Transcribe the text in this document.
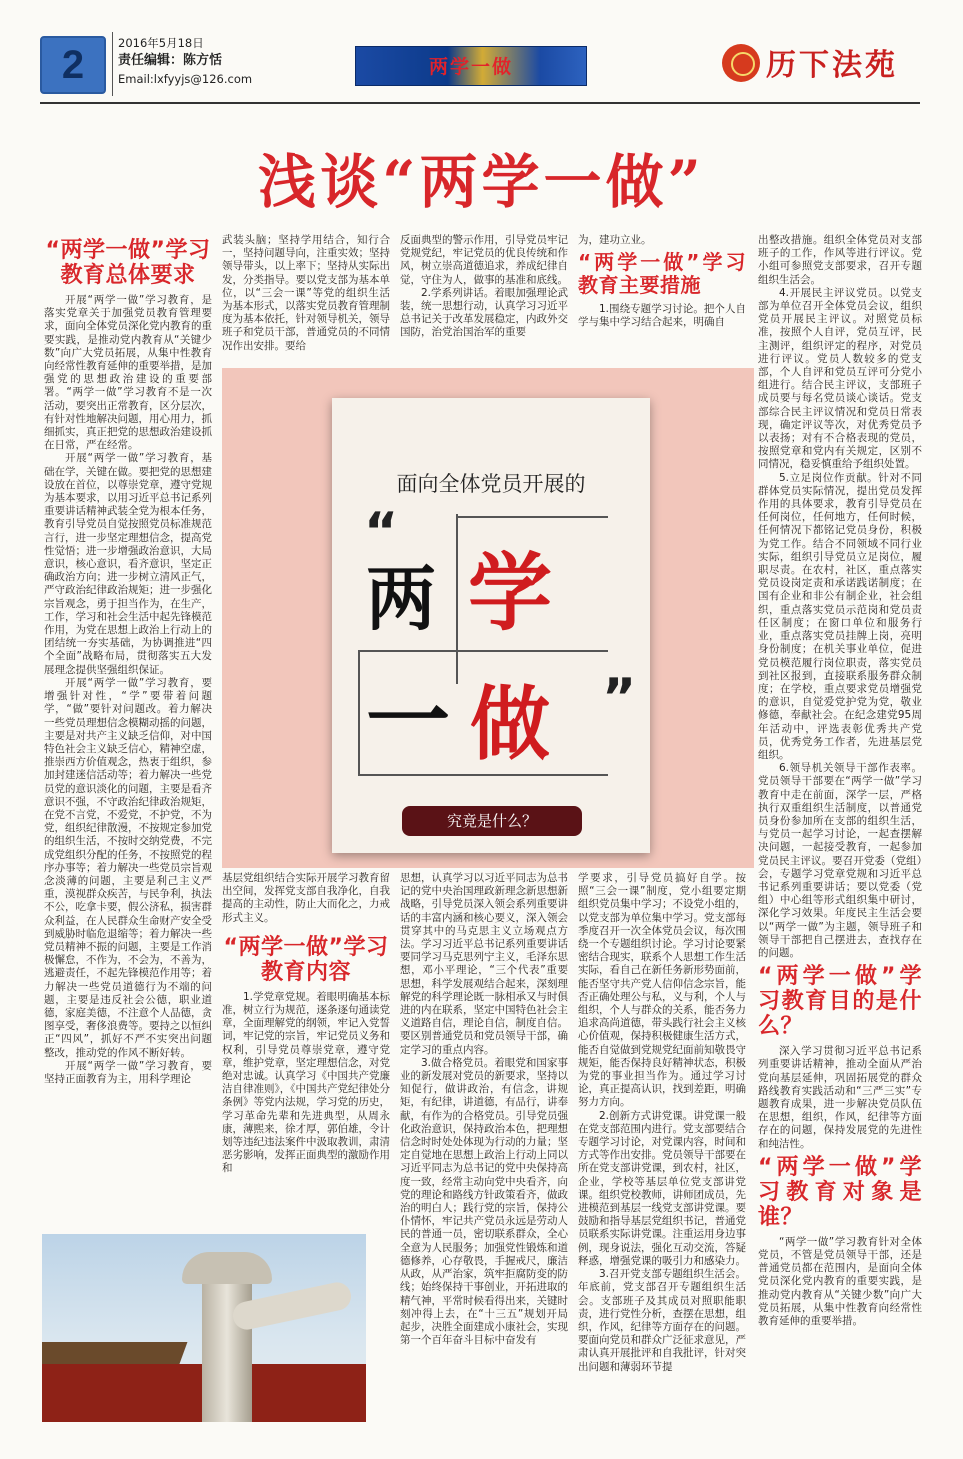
2	2016年5月18日
责任编辑：陈方恬
Email:lxfyyjs@126.com
两学一做	历下法苑
浅谈“两学一做”
“两学一做”学习教育总体要求

开展“两学一做”学习教育，是落实党章关于加强党员教育管理要求，面向全体党员深化党内教育的重要实践，是推动党内教育从“关键少数”向广大党员拓展，从集中性教育向经常性教育延伸的重要举措，是加强党的思想政治建设的重要部署。“两学一做”学习教育不是一次活动，要突出正常教育，区分层次，有针对性地解决问题，用心用力，抓细抓实，真正把党的思想政治建设抓在日常，严在经常。

开展“两学一做”学习教育，基础在学，关键在做。要把党的思想建设放在首位，以尊崇党章，遵守党规为基本要求，以用习近平总书记系列重要讲话精神武装全党为根本任务，教育引导党员自觉按照党员标准规范言行，进一步坚定理想信念，提高党性觉悟；进一步增强政治意识，大局意识，核心意识，看齐意识，坚定正确政治方向；进一步树立清风正气，严守政治纪律政治规矩；进一步强化宗旨观念，勇于担当作为，在生产，工作，学习和社会生活中起先锋模范作用，为党在思想上政治上行动上的团结统一夯实基础，为协调推进“四个全面”战略布局，贯彻落实五大发展理念提供坚强组织保证。

开展“两学一做”学习教育，要增强针对性，“学”要带着问题学，“做”要针对问题改。着力解决一些党员理想信念模糊动摇的问题，主要是对共产主义缺乏信仰，对中国特色社会主义缺乏信心，精神空虚，推崇西方价值观念，热衷于组织，参加封建迷信活动等；着力解决一些党员党的意识淡化的问题，主要是看齐意识不强，不守政治纪律政治规矩，在党不言党，不爱党，不护党，不为党，组织纪律散漫，不按规定参加党的组织生活，不按时交纳党费，不完成党组织分配的任务，不按照党的程序办事等；着力解决一些党员宗旨观念淡薄的问题，主要是利己主义严重，漠视群众疾苦，与民争利，执法不公，吃拿卡要，假公济私，损害群众利益，在人民群众生命财产安全受到威胁时临危退缩等；着力解决一些党员精神不振的问题，主要是工作消极懈怠，不作为，不会为，不善为，逃避责任，不起先锋模范作用等；着力解决一些党员道德行为不端的问题，主要是违反社会公德，职业道德，家庭美德，不注意个人品德，贪图享受，奢侈浪费等。要持之以恒纠正“四风”，抓好不严不实突出问题整改，推动党的作风不断好转。

开展“两学一做”学习教育，要坚持正面教育为主，用科学理论

武装头脑；坚持学用结合，知行合一，坚持问题导向，注重实效；坚持领导带头，以上率下；坚持从实际出发，分类指导。要以党支部为基本单位，以“三会一课”等党的组织生活为基本形式，以落实党员教育管理制度为基本依托，针对领导机关，领导班子和党员干部，普通党员的不同情况作出安排。要给

反面典型的警示作用，引导党员牢记党规党纪，牢记党员的优良传统和作风，树立崇高道德追求，养成纪律自觉，守住为人，做事的基准和底线。

2.学系列讲话。着眼加强理论武装，统一思想行动，认真学习习近平总书记关于改革发展稳定，内政外交国防，治党治国治军的重要

为，建功立业。

“两学一做”学习教育主要措施

1.围绕专题学习讨论。把个人自学与集中学习结合起来，明确自

面向全体党员开展的
“
两 学
一 做 ”
究竟是什么？

基层党组织结合实际开展学习教育留出空间，发挥党支部自我净化，自我提高的主动性，防止大而化之，力戒形式主义。

“两学一做”学习教育内容

1.学党章党规。着眼明确基本标准，树立行为规范，逐条逐句通读党章，全面理解党的纲领，牢记入党誓词，牢记党的宗旨，牢记党员义务和权利，引导党员尊崇党章，遵守党章，维护党章，坚定理想信念，对党绝对忠诚。认真学习《中国共产党廉洁自律准则》，《中国共产党纪律处分条例》等党内法规，学习党的历史，学习革命先辈和先进典型，从周永康，薄熙来，徐才厚，郭伯雄，令计划等违纪违法案件中汲取教训，肃清恶劣影响，发挥正面典型的激励作用和

思想，认真学习以习近平同志为总书记的党中央治国理政新理念新思想新战略，引导党员深入领会系列重要讲话的丰富内涵和核心要义，深入领会贯穿其中的马克思主义立场观点方法。学习习近平总书记系列重要讲话要同学习马克思列宁主义，毛泽东思想，邓小平理论，“三个代表”重要思想，科学发展观结合起来，深刻理解党的科学理论既一脉相承又与时俱进的内在联系，坚定中国特色社会主义道路自信，理论自信，制度自信。要区别普通党员和党员领导干部，确定学习的重点内容。

3.做合格党员。着眼党和国家事业的新发展对党员的新要求，坚持以知促行，做讲政治，有信念，讲规矩，有纪律，讲道德，有品行，讲奉献，有作为的合格党员。引导党员强化政治意识，保持政治本色，把理想信念时时处处体现为行动的力量；坚定自觉地在思想上政治上行动上同以习近平同志为总书记的党中央保持高度一致，经常主动向党中央看齐，向党的理论和路线方针政策看齐，做政治的明白人；践行党的宗旨，保持公仆情怀，牢记共产党员永远是劳动人民的普通一员，密切联系群众，全心全意为人民服务；加强党性锻炼和道德修养，心存敬畏，手握戒尺，廉洁从政，从严治家，筑牢拒腐防变的防线；始终保持干事创业，开拓进取的精气神，平常时候看得出来，关键时刻冲得上去，在“十三五”规划开局起步，决胜全面建成小康社会，实现第一个百年奋斗目标中奋发有

学要求，引导党员搞好自学。按照“三会一课”制度，党小组要定期组织党员集中学习；不设党小组的，以党支部为单位集中学习。党支部每季度召开一次全体党员会议，每次围绕一个专题组织讨论。学习讨论要紧密结合现实，联系个人思想工作生活实际，看自己在新任务新形势面前，能否坚守共产党人信仰信念宗旨，能否正确处理公与私，义与利，个人与组织，个人与群众的关系，能否务力追求高尚道德，带头践行社会主义核心价值观，保持积极健康生活方式，能否自觉做到党规党纪面前知敬畏守规矩，能否保持良好精神状态，积极为党的事业担当作为。通过学习讨论，真正提高认识，找到差距，明确努力方向。

2.创新方式讲党课。讲党课一般在党支部范围内进行。党支部要结合专题学习讨论，对党课内容，时间和方式等作出安排。党员领导干部要在所在党支部讲党课，到农村，社区，企业，学校等基层单位党支部讲党课。组织党校教师，讲师团成员，先进模范到基层一线党支部讲党课。要鼓励和指导基层党组织书记，普通党员联系实际讲党课。注重运用身边事例，现身说法，强化互动交流，答疑释惑，增强党课的吸引力和感染力。

3.召开党支部专题组织生活会。年底前，党支部召开专题组织生活会。支部班子及其成员对照职能职责，进行党性分析，查摆在思想，组织，作风，纪律等方面存在的问题。要面向党员和群众广泛征求意见，严肃认真开展批评和自我批评，针对突出问题和薄弱环节提

出整改措施。组织全体党员对支部班子的工作，作风等进行评议。党小组可参照党支部要求，召开专题组织生活会。

4.开展民主评议党员。以党支部为单位召开全体党员会议，组织党员开展民主评议。对照党员标准，按照个人自评，党员互评，民主测评，组织评定的程序，对党员进行评议。党员人数较多的党支部，个人自评和党员互评可分党小组进行。结合民主评议，支部班子成员要与每名党员谈心谈话。党支部综合民主评议情况和党员日常表现，确定评议等次，对优秀党员予以表扬；对有不合格表现的党员，按照党章和党内有关规定，区别不同情况，稳妥慎重给予组织处置。

5.立足岗位作贡献。针对不同群体党员实际情况，提出党员发挥作用的具体要求，教育引导党员在任何岗位，任何地方，任何时候，任何情况下都铭记党员身份，积极为党工作。结合不同领域不同行业实际，组织引导党员立足岗位，履职尽责。在农村，社区，重点落实党员设岗定责和承诺践诺制度；在国有企业和非公有制企业，社会组织，重点落实党员示范岗和党员责任区制度；在窗口单位和服务行业，重点落实党员挂牌上岗，亮明身份制度；在机关事业单位，促进党员模范履行岗位职责，落实党员到社区报到，直接联系服务群众制度；在学校，重点要求党员增强党的意识，自觉爱党护党为党，敬业修德，奉献社会。在纪念建党95周年活动中，评选表彰优秀共产党员，优秀党务工作者，先进基层党组织。

6.领导机关领导干部作表率。党员领导干部要在“两学一做”学习教育中走在前面，深学一层，严格执行双重组织生活制度，以普通党员身份参加所在支部的组织生活，与党员一起学习讨论，一起查摆解决问题，一起接受教育，一起参加党员民主评议。要召开党委（党组）会，专题学习党章党规和习近平总书记系列重要讲话；要以党委（党组）中心组等形式组织集中研讨，深化学习效果。年度民主生活会要以“两学一做”为主题，领导班子和领导干部把自己摆进去，查找存在的问题。

“两学一做”学习教育目的是什么？

深入学习贯彻习近平总书记系列重要讲话精神，推动全面从严治党向基层延伸，巩固拓展党的群众路线教育实践活动和“三严三实”专题教育成果，进一步解决党员队伍在思想，组织，作风，纪律等方面存在的问题，保持发展党的先进性和纯洁性。

“两学一做”学习教育对象是谁？

“两学一做”学习教育针对全体党员，不管是党员领导干部，还是普通党员都在范围内，是面向全体党员深化党内教育的重要实践，是推动党内教育从“关键少数”向广大党员拓展，从集中性教育向经常性教育延伸的重要举措。
